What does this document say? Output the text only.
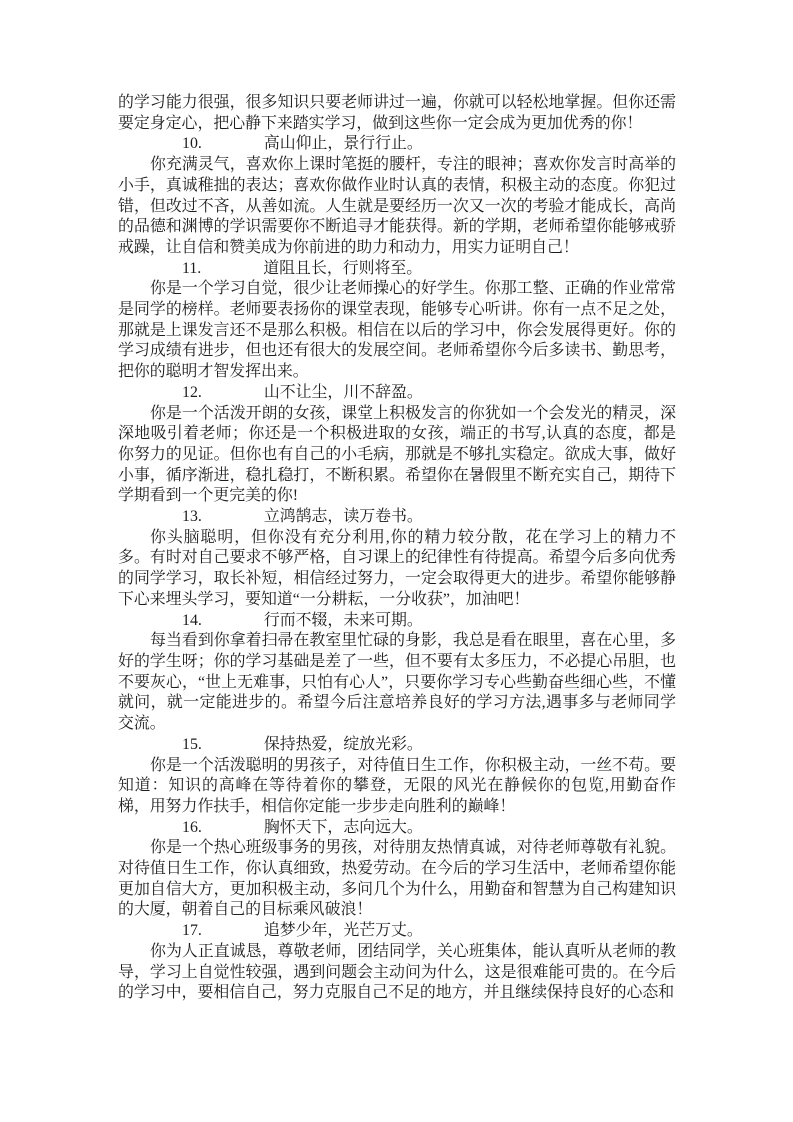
的学习能力很强，很多知识只要老师讲过一遍，你就可以轻松地掌握。但你还需要定身定心，把心静下来踏实学习，做到这些你一定会成为更加优秀的你！

10.	高山仰止，景行行止。

你充满灵气，喜欢你上课时笔挺的腰杆，专注的眼神；喜欢你发言时高举的小手，真诚稚拙的表达；喜欢你做作业时认真的表情，积极主动的态度。你犯过错，但改过不吝，从善如流。人生就是要经历一次又一次的考验才能成长，高尚的品德和渊博的学识需要你不断追寻才能获得。新的学期，老师希望你能够戒骄戒躁，让自信和赞美成为你前进的助力和动力，用实力证明自己！

11.	道阻且长，行则将至。

你是一个学习自觉，很少让老师操心的好学生。你那工整、正确的作业常常是同学的榜样。老师要表扬你的课堂表现，能够专心听讲。你有一点不足之处，那就是上课发言还不是那么积极。相信在以后的学习中，你会发展得更好。你的学习成绩有进步，但也还有很大的发展空间。老师希望你今后多读书、勤思考，把你的聪明才智发挥出来。

12.	山不让尘，川不辞盈。

你是一个活泼开朗的女孩，课堂上积极发言的你犹如一个会发光的精灵，深深地吸引着老师；你还是一个积极进取的女孩，端正的书写,认真的态度，都是你努力的见证。但你也有自己的小毛病，那就是不够扎实稳定。欲成大事，做好小事，循序渐进，稳扎稳打，不断积累。希望你在暑假里不断充实自己，期待下学期看到一个更完美的你!

13.	立鸿鹄志，读万卷书。

你头脑聪明，但你没有充分利用,你的精力较分散，花在学习上的精力不多。有时对自己要求不够严格，自习课上的纪律性有待提高。希望今后多向优秀的同学学习，取长补短，相信经过努力，一定会取得更大的进步。希望你能够静下心来埋头学习，要知道“一分耕耘，一分收获”，加油吧！

14.	行而不辍，未来可期。

每当看到你拿着扫帚在教室里忙碌的身影，我总是看在眼里，喜在心里，多好的学生呀；你的学习基础是差了一些，但不要有太多压力，不必提心吊胆，也不要灰心，“世上无难事，只怕有心人”，只要你学习专心些勤奋些细心些，不懂就问，就一定能进步的。希望今后注意培养良好的学习方法,遇事多与老师同学交流。

15.	保持热爱，绽放光彩。

你是一个活泼聪明的男孩子，对待值日生工作，你积极主动，一丝不苟。要知道：知识的高峰在等待着你的攀登，无限的风光在静候你的包览,用勤奋作梯，用努力作扶手，相信你定能一步步走向胜利的巅峰！

16.	胸怀天下，志向远大。

你是一个热心班级事务的男孩，对待朋友热情真诚，对待老师尊敬有礼貌。对待值日生工作，你认真细致，热爱劳动。在今后的学习生活中，老师希望你能更加自信大方，更加积极主动，多问几个为什么，用勤奋和智慧为自己构建知识的大厦，朝着自己的目标乘风破浪！

17.	追梦少年，光芒万丈。

你为人正直诚恳，尊敬老师，团结同学，关心班集体，能认真听从老师的教导，学习上自觉性较强，遇到问题会主动问为什么，这是很难能可贵的。在今后的学习中，要相信自己，努力克服自己不足的地方，并且继续保持良好的心态和
